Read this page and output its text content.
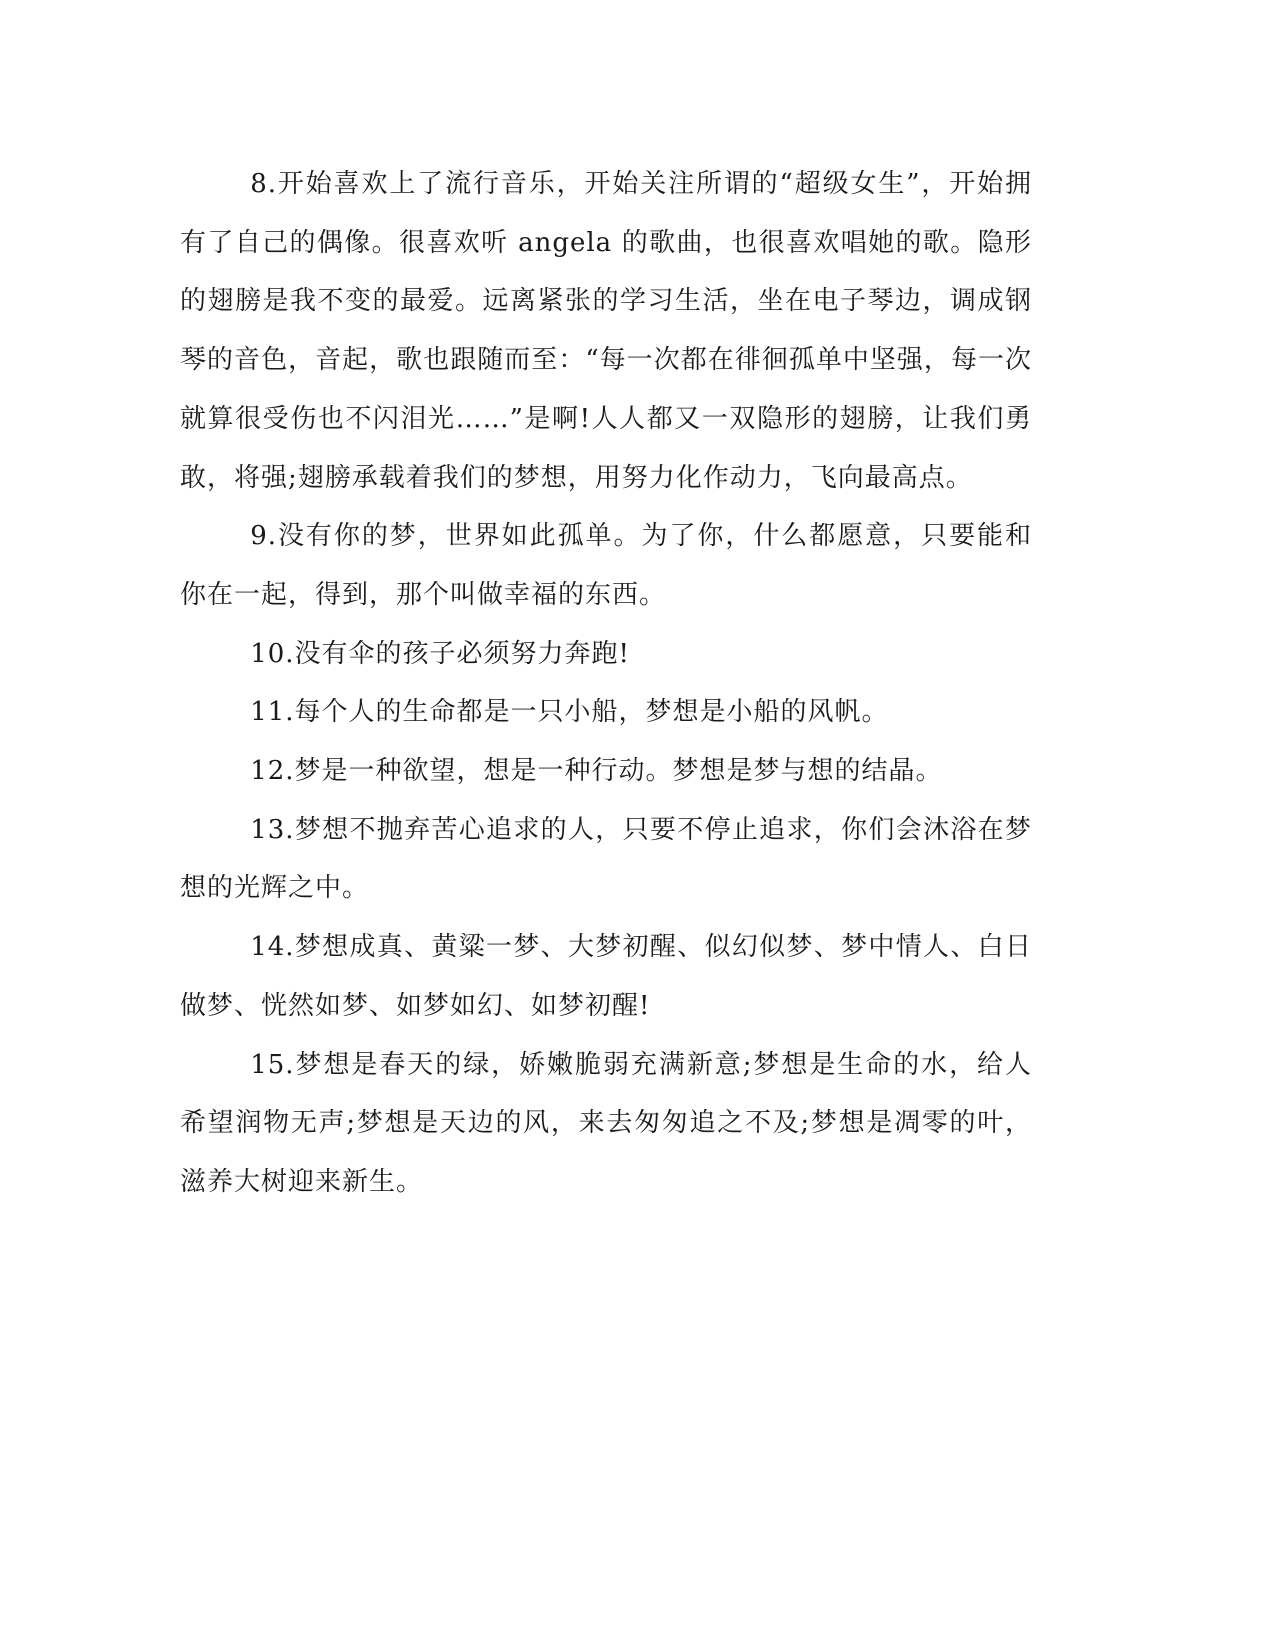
8.开始喜欢上了流行音乐，开始关注所谓的“超级女生”，开始拥有了自己的偶像。很喜欢听 angela 的歌曲，也很喜欢唱她的歌。隐形的翅膀是我不变的最爱。远离紧张的学习生活，坐在电子琴边，调成钢琴的音色，音起，歌也跟随而至：“每一次都在徘徊孤单中坚强，每一次就算很受伤也不闪泪光……”是啊!人人都又一双隐形的翅膀，让我们勇敢，将强;翅膀承载着我们的梦想，用努力化作动力，飞向最高点。

9.没有你的梦，世界如此孤单。为了你，什么都愿意，只要能和你在一起，得到，那个叫做幸福的东西。

10.没有伞的孩子必须努力奔跑!

11.每个人的生命都是一只小船，梦想是小船的风帆。

12.梦是一种欲望，想是一种行动。梦想是梦与想的结晶。

13.梦想不抛弃苦心追求的人，只要不停止追求，你们会沐浴在梦想的光辉之中。

14.梦想成真、黄粱一梦、大梦初醒、似幻似梦、梦中情人、白日做梦、恍然如梦、如梦如幻、如梦初醒!

15.梦想是春天的绿，娇嫩脆弱充满新意;梦想是生命的水，给人希望润物无声;梦想是天边的风，来去匆匆追之不及;梦想是凋零的叶，滋养大树迎来新生。
